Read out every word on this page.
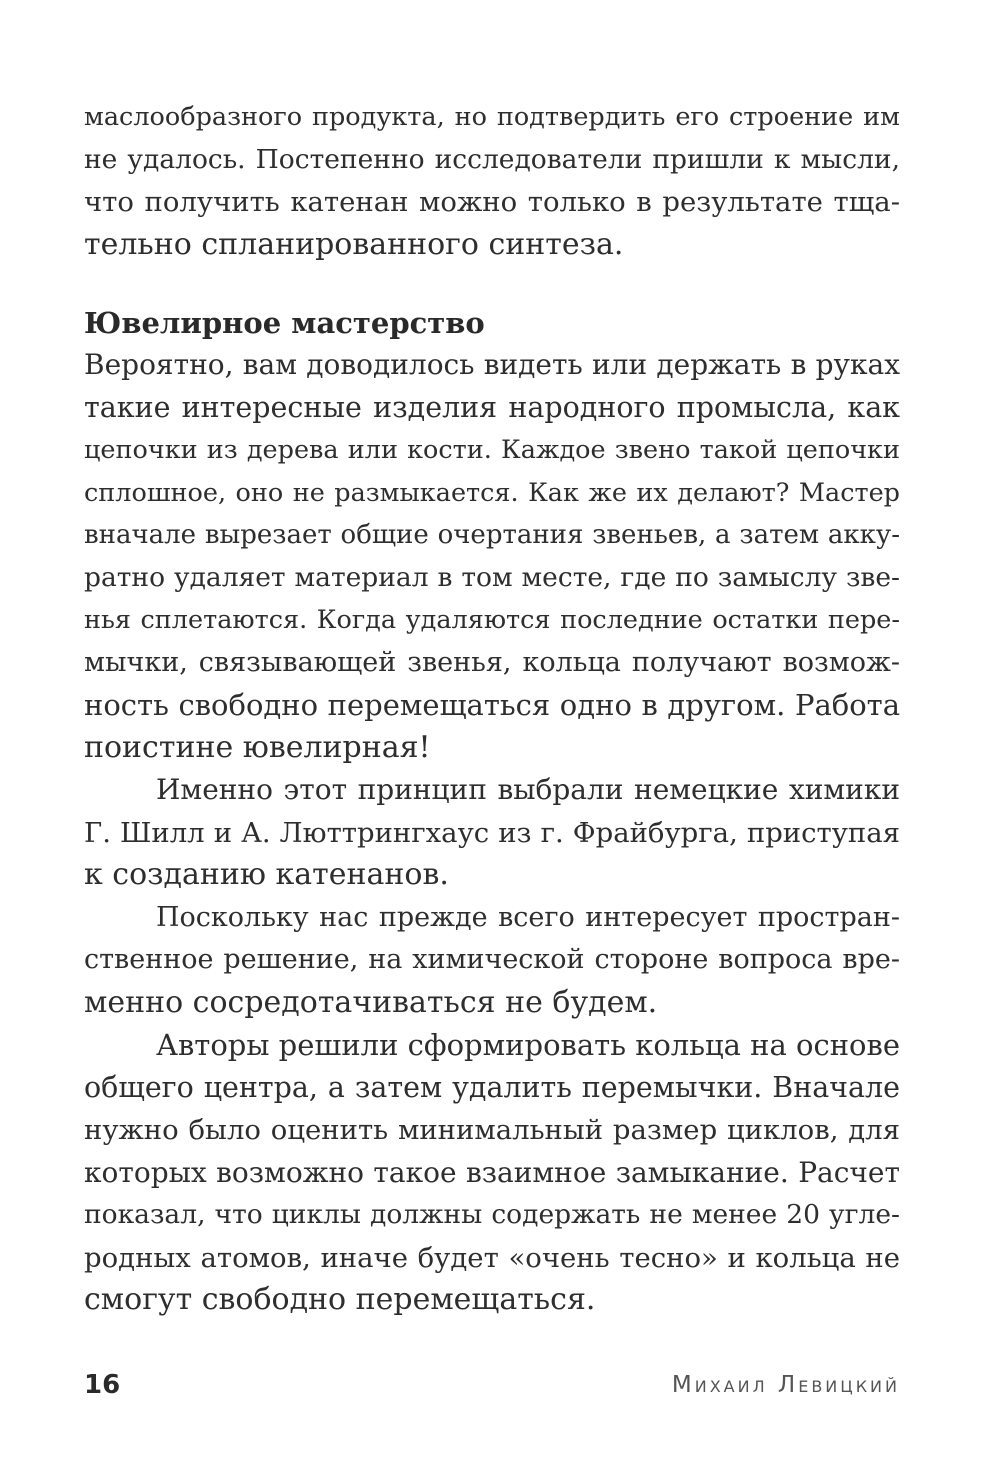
маслообразного продукта, но подтвердить его строение им
не удалось. Постепенно исследователи пришли к мысли,
что получить катенан можно только в результате тща-
тельно спланированного синтеза.
Ювелирное мастерство
Вероятно, вам доводилось видеть или держать в руках
такие интересные изделия народного промысла, как
цепочки из дерева или кости. Каждое звено такой цепочки
сплошное, оно не размыкается. Как же их делают? Мастер
вначале вырезает общие очертания звеньев, а затем акку-
ратно удаляет материал в том месте, где по замыслу зве-
нья сплетаются. Когда удаляются последние остатки пере-
мычки, связывающей звенья, кольца получают возмож-
ность свободно перемещаться одно в другом. Работа
поистине ювелирная!
Именно этот принцип выбрали немецкие химики
Г. Шилл и А. Люттрингхаус из г. Фрайбурга, приступая
к созданию катенанов.
Поскольку нас прежде всего интересует простран-
ственное решение, на химической стороне вопроса вре-
менно сосредотачиваться не будем.
Авторы решили сформировать кольца на основе
общего центра, а затем удалить перемычки. Вначале
нужно было оценить минимальный размер циклов, для
которых возможно такое взаимное замыкание. Расчет
показал, что циклы должны содержать не менее 20 угле-
родных атомов, иначе будет «очень тесно» и кольца не
смогут свободно перемещаться.
16	Михаил Левицкий
